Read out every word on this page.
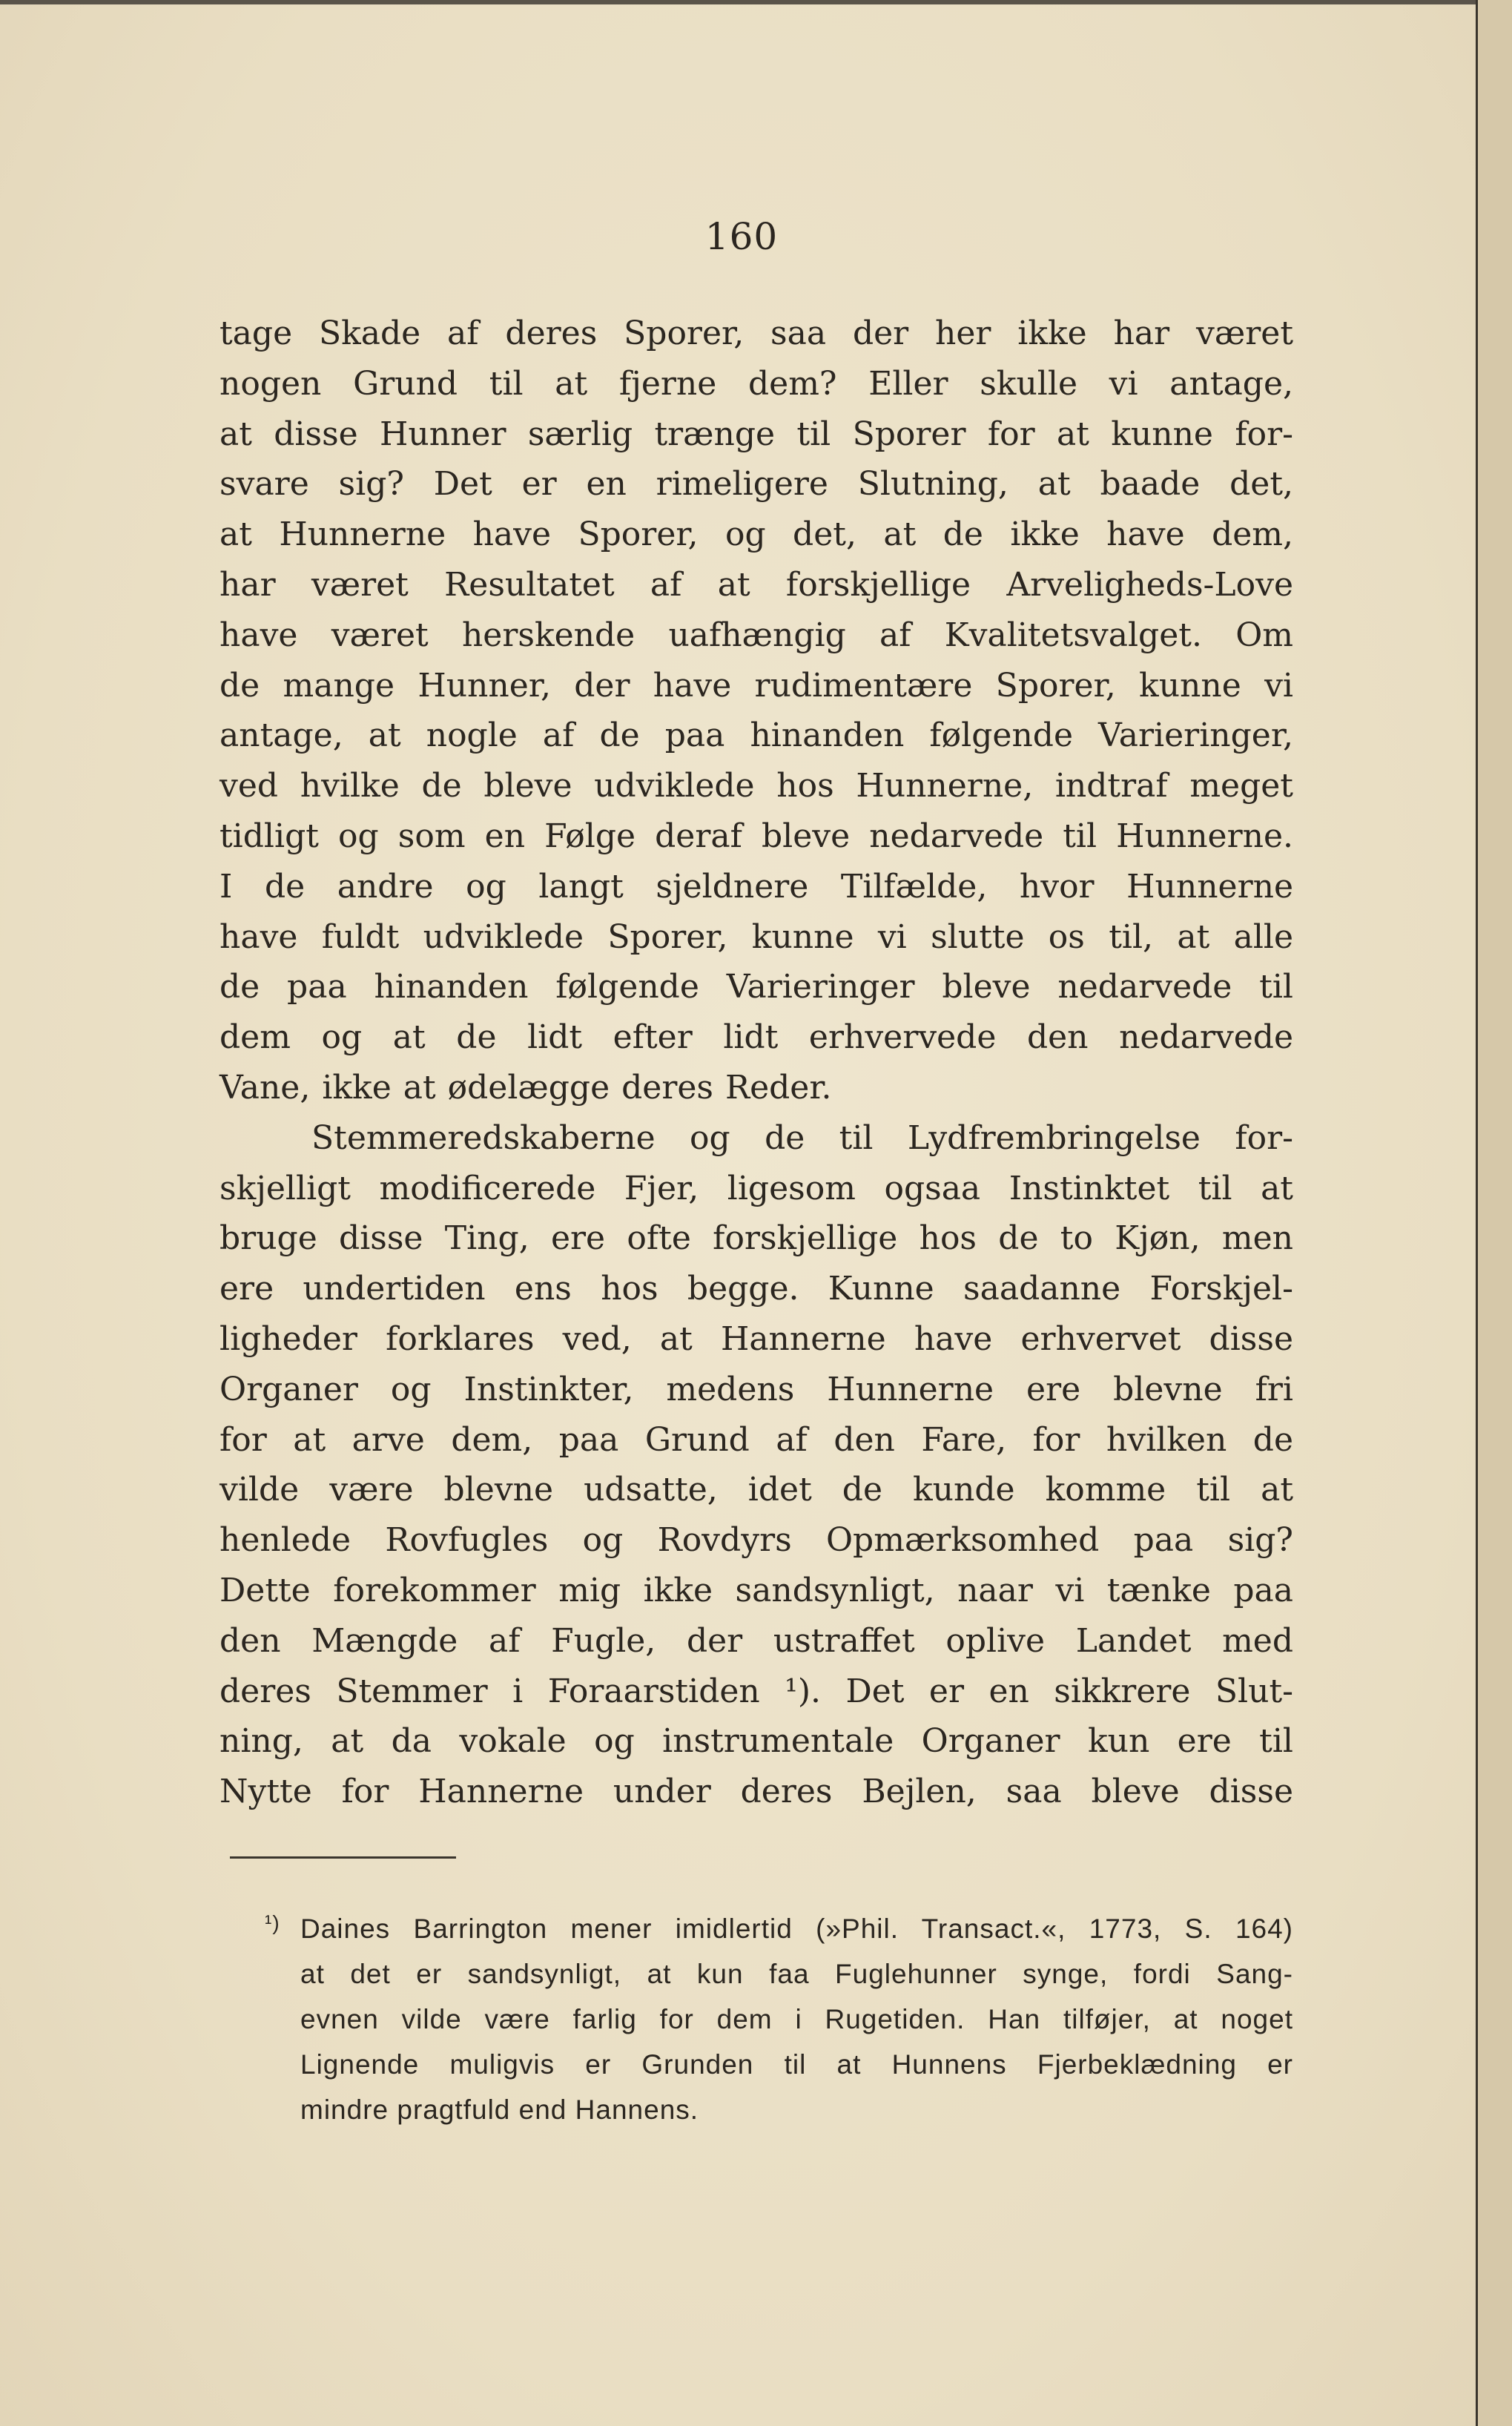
160
tage Skade af deres Sporer, saa der her ikke har været
nogen Grund til at fjerne dem? Eller skulle vi antage,
at disse Hunner særlig trænge til Sporer for at kunne for-
svare sig? Det er en rimeligere Slutning, at baade det,
at Hunnerne have Sporer, og det, at de ikke have dem,
har været Resultatet af at forskjellige Arveligheds-Love
have været herskende uafhængig af Kvalitetsvalget. Om
de mange Hunner, der have rudimentære Sporer, kunne vi
antage, at nogle af de paa hinanden følgende Varieringer,
ved hvilke de bleve udviklede hos Hunnerne, indtraf meget
tidligt og som en Følge deraf bleve nedarvede til Hunnerne.
I de andre og langt sjeldnere Tilfælde, hvor Hunnerne
have fuldt udviklede Sporer, kunne vi slutte os til, at alle
de paa hinanden følgende Varieringer bleve nedarvede til
dem og at de lidt efter lidt erhvervede den nedarvede
Vane, ikke at ødelægge deres Reder.
Stemmeredskaberne og de til Lydfrembringelse for-
skjelligt modificerede Fjer, ligesom ogsaa Instinktet til at
bruge disse Ting, ere ofte forskjellige hos de to Kjøn, men
ere undertiden ens hos begge. Kunne saadanne Forskjel-
ligheder forklares ved, at Hannerne have erhvervet disse
Organer og Instinkter, medens Hunnerne ere blevne fri
for at arve dem, paa Grund af den Fare, for hvilken de
vilde være blevne udsatte, idet de kunde komme til at
henlede Rovfugles og Rovdyrs Opmærksomhed paa sig?
Dette forekommer mig ikke sandsynligt, naar vi tænke paa
den Mængde af Fugle, der ustraffet oplive Landet med
deres Stemmer i Foraarstiden ¹). Det er en sikkrere Slut-
ning, at da vokale og instrumentale Organer kun ere til
Nytte for Hannerne under deres Bejlen, saa bleve disse
¹) Daines Barrington mener imidlertid (»Phil. Transact.«, 1773, S. 164)
at det er sandsynligt, at kun faa Fuglehunner synge, fordi Sang-
evnen vilde være farlig for dem i Rugetiden. Han tilføjer, at noget
Lignende muligvis er Grunden til at Hunnens Fjerbeklædning er
mindre pragtfuld end Hannens.
